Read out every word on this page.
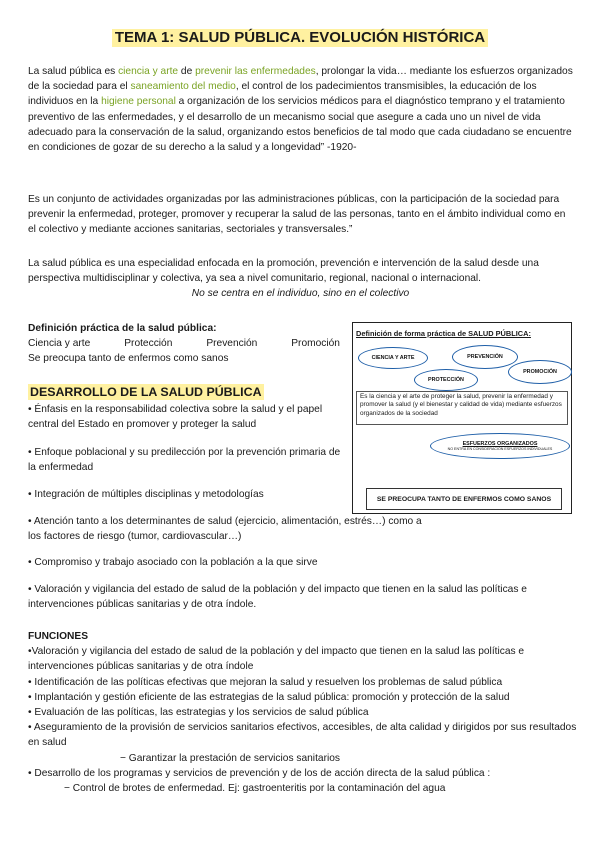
TEMA 1: SALUD PÚBLICA. EVOLUCIÓN HISTÓRICA
La salud pública es ciencia y arte de prevenir las enfermedades, prolongar la vida… mediante los esfuerzos organizados de la sociedad para el saneamiento del medio, el control de los padecimientos transmisibles, la educación de los individuos en la higiene personal a organización de los servicios médicos para el diagnóstico temprano y el tratamiento preventivo de las enfermedades, y el desarrollo de un mecanismo social que asegure a cada uno un nivel de vida adecuado para la conservación de la salud, organizando estos beneficios de tal modo que cada ciudadano se encuentre en condiciones de gozar de su derecho a la salud y a longevidad” -1920-
Es un conjunto de actividades organizadas por las administraciones públicas, con la participación de la sociedad para prevenir la enfermedad, proteger, promover y recuperar la salud de las personas, tanto en el ámbito individual como en el colectivo y mediante acciones sanitarias, sectoriales y transversales.”
La salud pública es una especialidad enfocada en la promoción, prevención e intervención de la salud desde una perspectiva multidisciplinar y colectiva, ya sea a nivel comunitario, regional, nacional o internacional.
No se centra en el individuo, sino en el colectivo
Definición práctica de la salud pública:
Ciencia y arte	Protección	Prevención	Promoción
Se preocupa tanto de enfermos como sanos
Definición de forma práctica de SALUD PÚBLICA:
CIENCIA Y ARTE	PREVENCIÓN
PROMOCIÓN
PROTECCIÓN
Es la ciencia y el arte de proteger la salud, prevenir la enfermedad y promover la salud (y el bienestar y calidad de vida) mediante esfuerzos organizados de la sociedad
ESFUERZOS ORGANIZADOS
NO ENTRA EN CONSIDERACIÓN ESFUERZOS INDIVIDUALES
SE PREOCUPA TANTO DE ENFERMOS COMO SANOS
DESARROLLO DE LA SALUD PÚBLICA
• Énfasis en la responsabilidad colectiva sobre la salud y el papel central del Estado en promover y proteger la salud
• Enfoque poblacional y su predilección por la prevención primaria de la enfermedad
• Integración de múltiples disciplinas y metodologías
• Atención tanto a los determinantes de salud (ejercicio, alimentación, estrés…) como a los factores de riesgo (tumor, cardiovascular…)
• Compromiso y trabajo asociado con la población a la que sirve
• Valoración y vigilancia del estado de salud de la población y del impacto que tienen en la salud las políticas e intervenciones públicas sanitarias y de otra índole.
FUNCIONES
•Valoración y vigilancia del estado de salud de la población y del impacto que tienen en la salud las políticas e intervenciones públicas sanitarias y de otra índole
• Identificación de las políticas efectivas que mejoran la salud y resuelven los problemas de salud pública
• Implantación y gestión eficiente de las estrategias de la salud pública: promoción y protección de la salud
• Evaluación de las políticas, las estrategias y los servicios de salud pública
• Aseguramiento de la provisión de servicios sanitarios efectivos, accesibles, de alta calidad y dirigidos por sus resultados en salud
− Garantizar la prestación de servicios sanitarios
• Desarrollo de los programas y servicios de prevención y de los de acción directa de la salud pública :
− Control de brotes de enfermedad. Ej: gastroenteritis por la contaminación del agua
